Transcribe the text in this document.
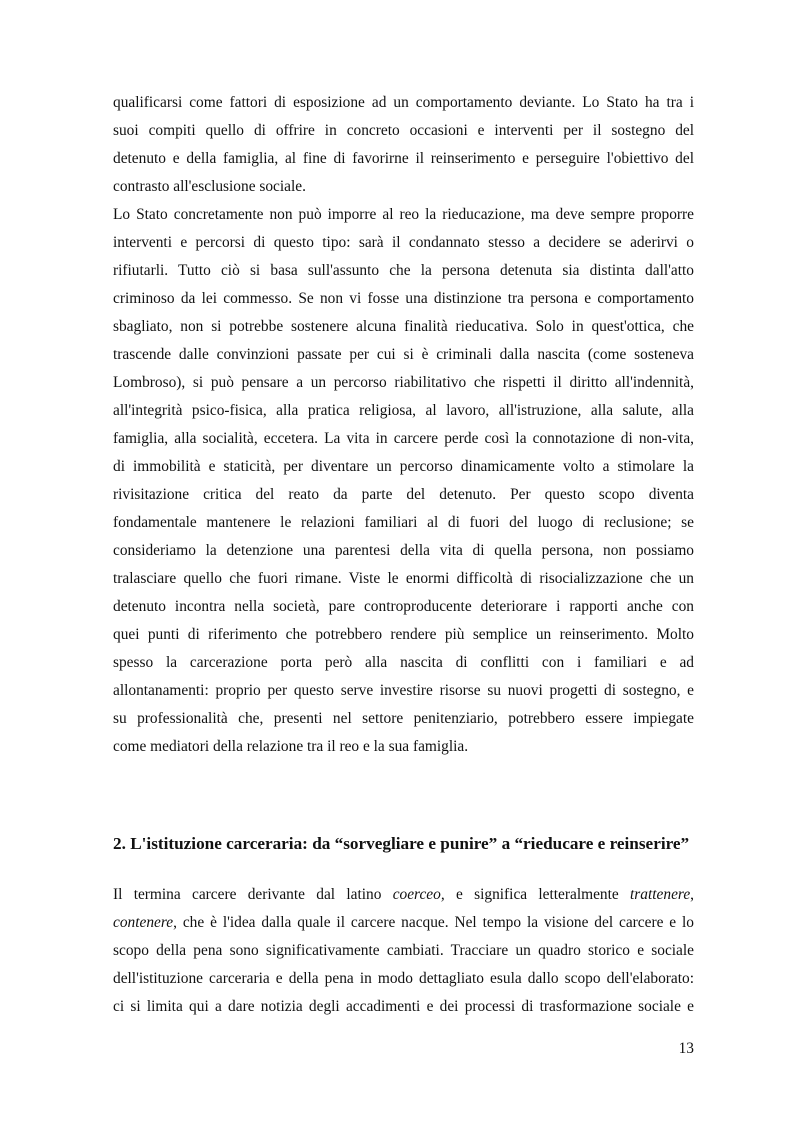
qualificarsi come fattori di esposizione ad un comportamento deviante. Lo Stato ha tra i

suoi compiti quello di offrire in concreto occasioni e interventi per il sostegno del

detenuto e della famiglia, al fine di favorirne il reinserimento e perseguire l'obiettivo del

contrasto all'esclusione sociale.

Lo Stato concretamente non può imporre al reo la rieducazione, ma deve sempre proporre

interventi e percorsi di questo tipo: sarà il condannato stesso a decidere se aderirvi o

rifiutarli. Tutto ciò si basa sull'assunto che la persona detenuta sia distinta dall'atto

criminoso da lei commesso. Se non vi fosse una distinzione tra persona e comportamento

sbagliato, non si potrebbe sostenere alcuna finalità rieducativa. Solo in quest'ottica, che

trascende dalle convinzioni passate per cui si è criminali dalla nascita (come sosteneva

Lombroso), si può pensare a un percorso riabilitativo che rispetti il diritto all'indennità,

all'integrità psico-fisica, alla pratica religiosa, al lavoro, all'istruzione, alla salute, alla

famiglia, alla socialità, eccetera. La vita in carcere perde così la connotazione di non-vita,

di immobilità e staticità, per diventare un percorso dinamicamente volto a stimolare la

rivisitazione critica del reato da parte del detenuto. Per questo scopo diventa

fondamentale mantenere le relazioni familiari al di fuori del luogo di reclusione; se

consideriamo la detenzione una parentesi della vita di quella persona, non possiamo

tralasciare quello che fuori rimane. Viste le enormi difficoltà di risocializzazione che un

detenuto incontra nella società, pare controproducente deteriorare i rapporti anche con

quei punti di riferimento che potrebbero rendere più semplice un reinserimento. Molto

spesso la carcerazione porta però alla nascita di conflitti con i familiari e ad

allontanamenti: proprio per questo serve investire risorse su nuovi progetti di sostegno, e

su professionalità che, presenti nel settore penitenziario, potrebbero essere impiegate

come mediatori della relazione tra il reo e la sua famiglia.

2. L'istituzione carceraria: da “sorvegliare e punire” a “rieducare e reinserire”

Il termina carcere derivante dal latino coerceo, e significa letteralmente trattenere,

contenere, che è l'idea dalla quale il carcere nacque. Nel tempo la visione del carcere e lo

scopo della pena sono significativamente cambiati. Tracciare un quadro storico e sociale

dell'istituzione carceraria e della pena in modo dettagliato esula dallo scopo dell'elaborato:

ci si limita qui a dare notizia degli accadimenti e dei processi di trasformazione sociale e

13
